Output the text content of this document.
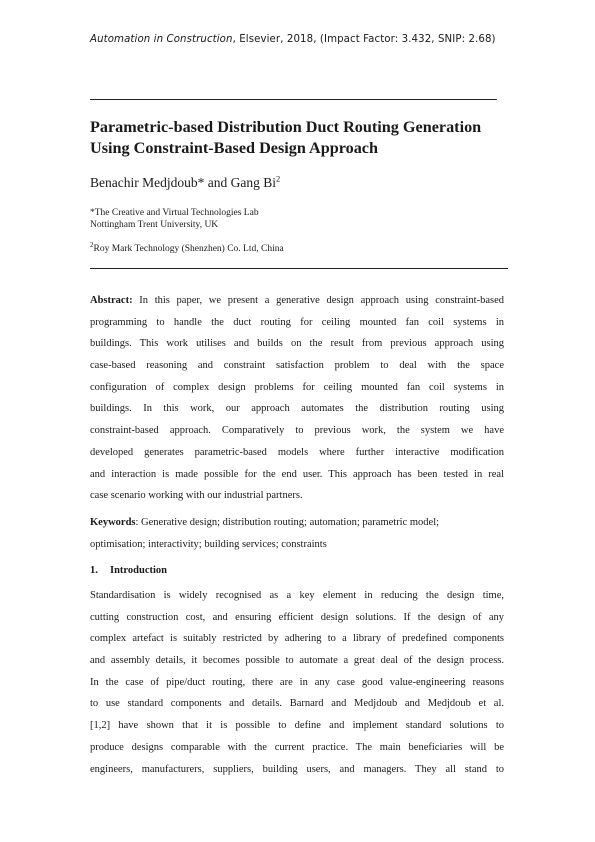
Automation in Construction, Elsevier, 2018, (Impact Factor: 3.432, SNIP: 2.68)
Parametric-based Distribution Duct Routing Generation
Using Constraint-Based Design Approach
Benachir Medjdoub* and Gang Bi$^2$
*The Creative and Virtual Technologies Lab
Nottingham Trent University, UK
$^2$Roy Mark Technology (Shenzhen) Co. Ltd, China
Abstract: In this paper, we present a generative design approach using constraint-based
programming to handle the duct routing for ceiling mounted fan coil systems in
buildings. This work utilises and builds on the result from previous approach using
case-based reasoning and constraint satisfaction problem to deal with the space
configuration of complex design problems for ceiling mounted fan coil systems in
buildings. In this work, our approach automates the distribution routing using
constraint-based approach. Comparatively to previous work, the system we have
developed generates parametric-based models where further interactive modification
and interaction is made possible for the end user. This approach has been tested in real
case scenario working with our industrial partners.
Keywords: Generative design; distribution routing; automation; parametric model;
optimisation; interactivity; building services; constraints
1. Introduction
Standardisation is widely recognised as a key element in reducing the design time,
cutting construction cost, and ensuring efficient design solutions. If the design of any
complex artefact is suitably restricted by adhering to a library of predefined components
and assembly details, it becomes possible to automate a great deal of the design process.
In the case of pipe/duct routing, there are in any case good value-engineering reasons
to use standard components and details. Barnard and Medjdoub and Medjdoub et al.
[1,2] have shown that it is possible to define and implement standard solutions to
produce designs comparable with the current practice. The main beneficiaries will be
engineers, manufacturers, suppliers, building users, and managers. They all stand to
